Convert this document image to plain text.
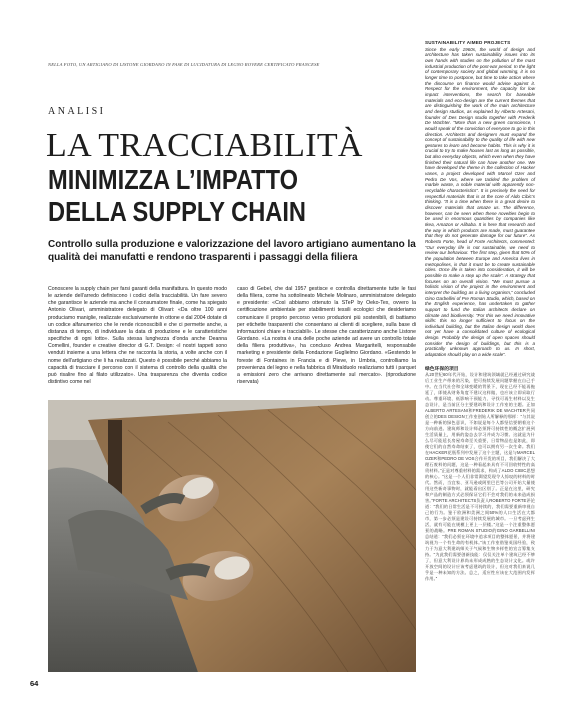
NELLA FOTO, UN ARTIGIANO DI LISTONE GIORDANO IN FASE DI LUCIDATURA DI LEGNO ROVERE CERTIFICATO FRANCESE
ANALISI
LA TRACCIABILITÀ
MINIMIZZA L’IMPATTO
DELLA SUPPLY CHAIN
Controllo sulla produzione e valorizzazione del lavoro artigiano aumentano la qualità dei manufatti e rendono trasparenti i passaggi della filiera
Conoscere la supply chain per farsi garanti della manifattura. In questo modo le aziende dell’arredo definiscono i codici della tracciabilità. Un fare severo che garantisce le aziende ma anche il consumatore finale, come ha spiegato Antonio Olivari, amministratore delegato di Olivari: «Da oltre 100 anni produciamo maniglie, realizzate esclusivamente in ottone e dal 2004 dotate di un codice alfanumerico che le rende riconoscibili e che ci permette anche, a distanza di tempo, di individuare la data di produzione e le caratteristiche specifiche di ogni lotto». Sulla stessa lunghezza d’onda anche Deanna Comellini, founder e creative director di G.T. Design: «I nostri tappeti sono venduti insieme a una lettera che ne racconta la storia, a volte anche con il nome dell’artigiano che li ha realizzati. Questo è possibile perché abbiamo la capacità di tracciare il percorso con il sistema di controllo della qualità che può risalire fino al filato utilizzato». Una trasparenza che diventa codice distintivo come nel
caso di Gebel, che dal 1957 gestisce e controlla direttamente tutte le fasi della filiera, come ha sottolineato Michele Molinaro, amministratore delegato e presidente: «Così abbiamo ottenuto la STeP by Oeko-Tex, ovvero la certificazione ambientale per stabilimenti tessili ecologici che desideriamo comunicare il proprio percorso verso produzioni più sostenibili, di battiamo per etichette trasparenti che consentano ai clienti di scegliere, sulla base di informazioni chiare e tracciabili». Le stesse che caratterizzano anche Listone Giordano. «La nostra è una delle poche aziende ad avere un controllo totale della filiera produttiva», ha concluso Andrea Margaritelli, responsabile marketing e presidente della Fondazione Guglielmo Giordano. «Gestendo le foreste di Fontaines in Francia e di Pieve, in Umbria, controlliamo la provenienza del legno e nella fabbrica di Miralduolo realizziamo tutti i parquet a emissioni zero che arrivano direttamente sul mercato». (riproduzione riservata)
SUSTAINABILITY AIMED PROJECTS
Since the early 1960s, the world of design and architecture has taken sustainability issues into its own hands with studies on the pollution of the mast industrial production of the post-war period. In the light of contemporary society and global warming, it is no longer time to postpone, but time to take action where the discourse on finance would advise against it. Respect for the environment, the capacity for low impact interventions, the search for baseable materials and eco-design are the current themes that are distinguishing the work of the main architecture and design studios, as explained by Alberto Artesani, founder of Des Design studio together with Frederik De Wachter. “More than a new green conscience, I would speak of the conviction of everyone to go in this direction. Architects and designers must expand the concept of sustainability to the quality of life with new gestures to learn and become habits. This is why it is crucial to try to make houses last as long as possible, but also everyday objects, which even when they have finished their natural life can have another one. We have developed the theme in the collection of Hacker vases, a project developed with Marcel Ozer and Pedro De Vos, where we tackled the problem of marble waste, a noble material with apparently non-recyclable characteristics”. It is precisely the need for respectful materials that is at the core of Aldo Cibic’s thinking. “It is a time when there is a great desire to discover materials that amaze us. The difference, however, can be seen when these novelties begin to be used in enormous quantities by companies like Ikea, Amazon or Alibaba. It is here that research and the way in which products are made, must guarantee that they do not generate damage for our future”. As Roberto Forte, head of Forte Architects, commented: “Our everyday life is not sustainable, we need to review our behaviour. The first step, given that 50% of the population between Europe and America lives in metropolises, is that it must be to create sustainable cities. Once life is taken into consideration, it will be possible to make a step up the scale”. A strategy that focuses on an overall vision. “We must pursue a holistic vision of the project in the environment and interpret the building as a living organism,” concluded Gino Garbellini of Pre Roman Studio, which, based on the English experience, has undertaken to gather support to fund the Italian architects declare on climate and biodiversity. “For this we need innovative skills: this no longer sufficient to focus on the individual building, but the Italian design world does not yet have a consolidated culture of ecological design. Probably the design of open spaces should consider the design of buildings, but this is a practically unknown approach to us. In short, adaptation should play on a wide scale”.
绿色环保的项目
从20世纪60年代开始，设计和建筑领域就已经通过研究战后工业生产带来的污染，把可持续发展问题掌握在自己手中。在当代社会和全球变暖的背景下，现在已经不能再拖延了，即使从财务角度不建议这样做，也应该立即采取行动。尊重环境、低影响干预能力、寻找可再生材料以及生态设计，是当前区分主要建筑和设计工作室的主题。正如ALBERTO ARTESANI和FREDERIK DE WACHTER共同创立的DES DESIGN工作室创始人所解释的那样：“与其说是一种新的绿色意识，不如说是每个人都坚信要朝着这个方向前进。建筑师和设计师必须将可持续性的概念扩展到生活质量上，用新的姿态去学习并成为习惯。这就是为什么尽可能延长房屋寿命至关重要，日常物品也是如此，即使它们的自然寿命结束了，也可以拥有另一次生命。我们在HACKER花瓶系列中发展了这个主题，这是与MARCEL OZER和PEDRO DE VOS合作开发的项目，我们解决了大理石废料的问题，这是一种看起来具有不可回收特性的高贵材料。”正是对尊重材料的需求，构成了ALDO CIBIC思想的核心。“这是一个人们非常渴望发现令人惊叹的材料的时代。然而，当宜家、亚马逊或阿里巴巴等公司开始大量使用这些新奇事物时，就能看出区别了。正是在这里，研究和产品的制造方式必须保证它们不会对我们的未来造成损害。”FORTE ARCHITECTS负责人ROBERTO FORTE评论道：“我们的日常生活是不可持续的，我们需要重新审视自己的行为。鉴于欧洲和美洲之间50%的人口生活在大都市，第一步必须是建设可持续发展的城市。一旦考虑到生活，就有可能在规模上更上一层楼。”这是一个注重整体愿景的战略。PRE ROMAN STUDIO的GINO GARBELLINI总结道：“我们必须在环境中追求项目的整体愿景，并将建筑视为一个有生命的有机体。”该工作室借鉴英国经验，致力于为意大利建筑师关于气候和生物多样性的宣言筹集支持。“为此我们需要创新技能：仅仅关注单个建筑已经不够了，但意大利设计界尚未形成成熟的生态设计文化。或许开放空间的设计应该考虑建筑的设计，但这对我们来说几乎是一种未知的方法。总之，适应性应该在大范围内发挥作用。”
64
